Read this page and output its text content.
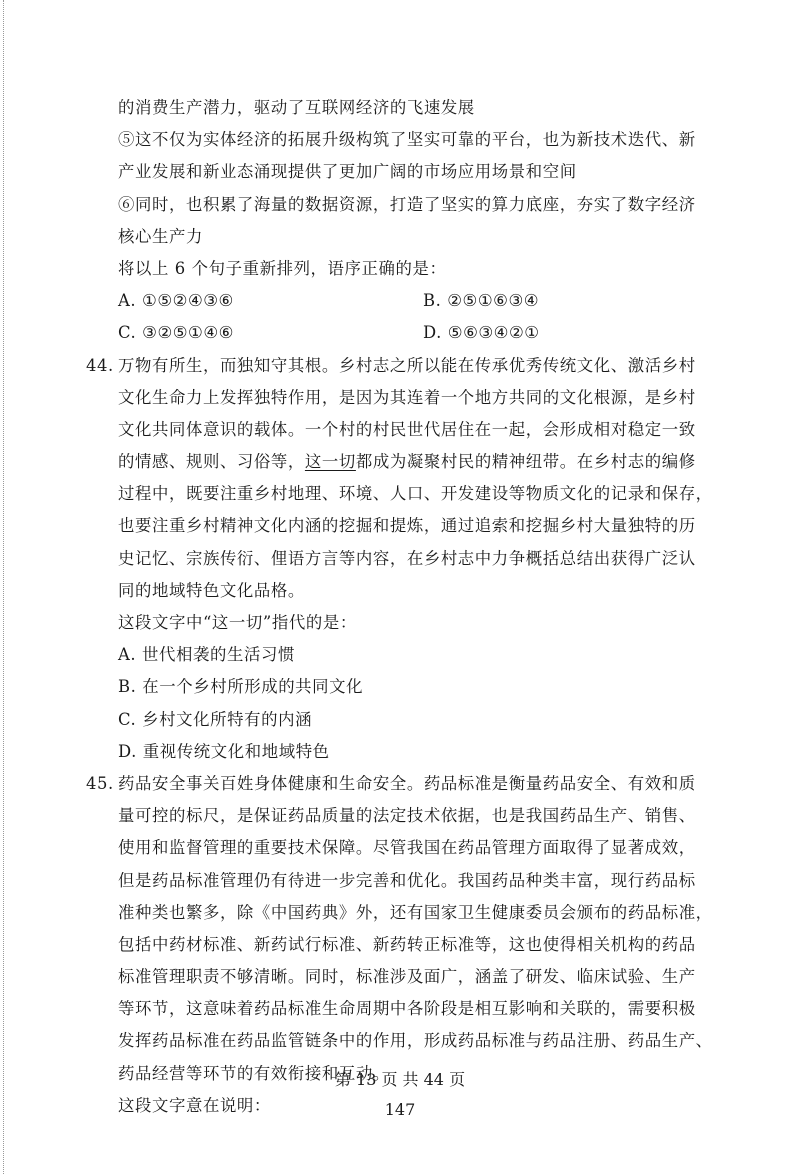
的消费生产潜力，驱动了互联网经济的飞速发展
⑤这不仅为实体经济的拓展升级构筑了坚实可靠的平台，也为新技术迭代、新
产业发展和新业态涌现提供了更加广阔的市场应用场景和空间
⑥同时，也积累了海量的数据资源，打造了坚实的算力底座，夯实了数字经济
核心生产力
将以上 6 个句子重新排列，语序正确的是：
A. ①⑤②④③⑥	B. ②⑤①⑥③④
C. ③②⑤①④⑥	D. ⑤⑥③④②①
44. 万物有所生，而独知守其根。乡村志之所以能在传承优秀传统文化、激活乡村
文化生命力上发挥独特作用，是因为其连着一个地方共同的文化根源，是乡村
文化共同体意识的载体。一个村的村民世代居住在一起，会形成相对稳定一致
的情感、规则、习俗等，这一切都成为凝聚村民的精神纽带。在乡村志的编修
过程中，既要注重乡村地理、环境、人口、开发建设等物质文化的记录和保存，
也要注重乡村精神文化内涵的挖掘和提炼，通过追索和挖掘乡村大量独特的历
史记忆、宗族传衍、俚语方言等内容，在乡村志中力争概括总结出获得广泛认
同的地域特色文化品格。
这段文字中“这一切”指代的是：
A. 世代相袭的生活习惯
B. 在一个乡村所形成的共同文化
C. 乡村文化所特有的内涵
D. 重视传统文化和地域特色
45. 药品安全事关百姓身体健康和生命安全。药品标准是衡量药品安全、有效和质
量可控的标尺，是保证药品质量的法定技术依据，也是我国药品生产、销售、
使用和监督管理的重要技术保障。尽管我国在药品管理方面取得了显著成效，
但是药品标准管理仍有待进一步完善和优化。我国药品种类丰富，现行药品标
准种类也繁多，除《中国药典》外，还有国家卫生健康委员会颁布的药品标准，
包括中药材标准、新药试行标准、新药转正标准等，这也使得相关机构的药品
标准管理职责不够清晰。同时，标准涉及面广，涵盖了研发、临床试验、生产
等环节，这意味着药品标准生命周期中各阶段是相互影响和关联的，需要积极
发挥药品标准在药品监管链条中的作用，形成药品标准与药品注册、药品生产、
药品经营等环节的有效衔接和互动。
这段文字意在说明：
第 13 页 共 44 页
147
